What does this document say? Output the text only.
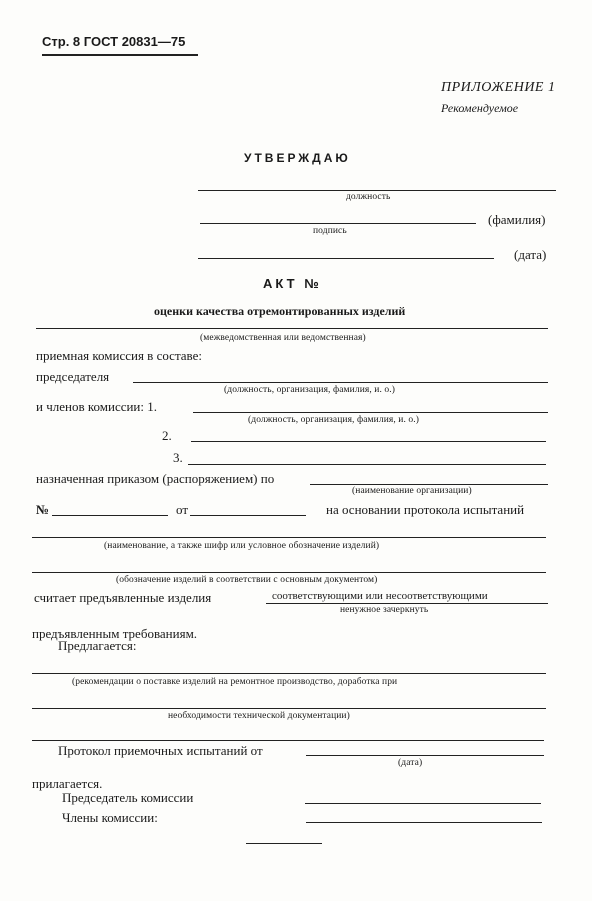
Стр. 8 ГОСТ 20831—75
ПРИЛОЖЕНИЕ 1
Рекомендуемое
УТВЕРЖДАЮ
должность
(фамилия)
подпись
(дата)
АКТ №
оценки качества отремонтированных изделий
(межведомственная или ведомственная)
приемная комиссия в составе:
председателя
(должность, организация, фамилия, и. о.)
и членов комиссии: 1.
(должность, организация, фамилия, и. о.)
2.
3.
назначенная приказом (распоряжением) по
(наименование организации)
№	от	на основании протокола испытаний
(наименование, а также шифр или условное обозначение изделий)
(обозначение изделий в соответствии с основным документом)
считает предъявленные изделия	соответствующими или несоответствующими
ненужное зачеркнуть
предъявленным требованиям.
Предлагается:
(рекомендации о поставке изделий на ремонтное производство, доработка при
необходимости технической документации)
Протокол приемочных испытаний от
(дата)
прилагается.
Председатель комиссии
Члены комиссии:
